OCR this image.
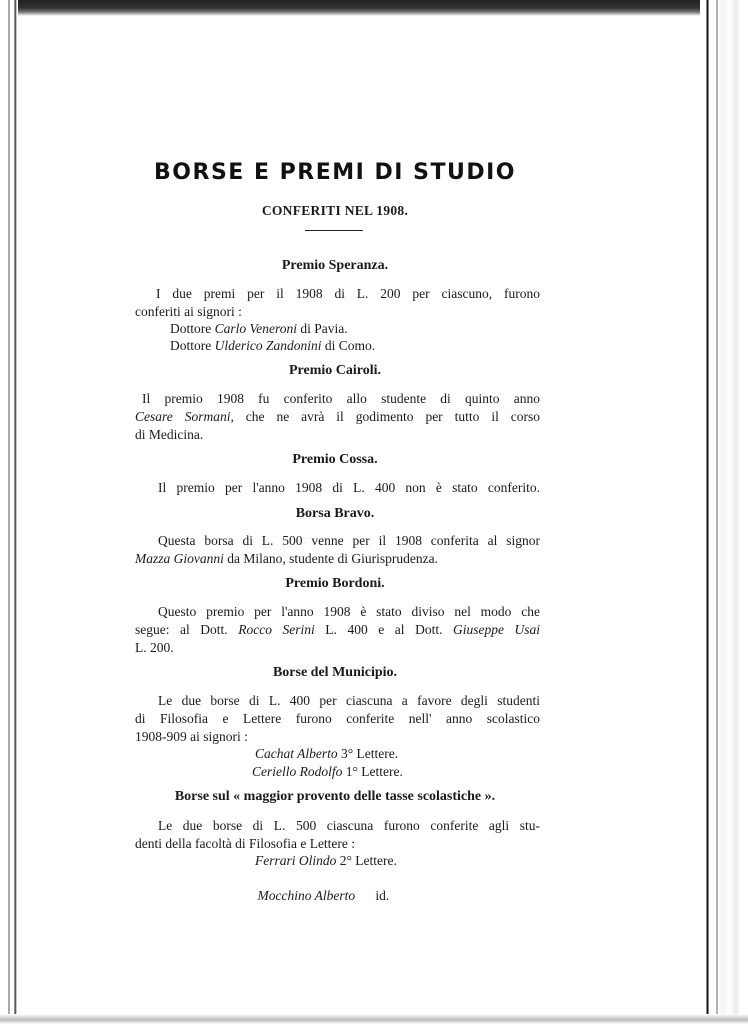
BORSE E PREMI DI STUDIO
CONFERITI NEL 1908.
Premio Speranza.
I due premi per il 1908 di L. 200 per ciascuno, furono
conferiti ai signori :
Dottore Carlo Veneroni di Pavia.
Dottore Ulderico Zandonini di Como.
Premio Cairoli.
Il premio 1908 fu conferito allo studente di quinto anno
Cesare Sormani, che ne avrà il godimento per tutto il corso
di Medicina.
Premio Cossa.
Il premio per l'anno 1908 di L. 400 non è stato conferito.
Borsa Bravo.
Questa borsa di L. 500 venne per il 1908 conferita al signor
Mazza Giovanni da Milano, studente di Giurisprudenza.
Premio Bordoni.
Questo premio per l'anno 1908 è stato diviso nel modo che
segue: al Dott. Rocco Serini L. 400 e al Dott. Giuseppe Usai
L. 200.
Borse del Municipio.
Le due borse di L. 400 per ciascuna a favore degli studenti
di Filosofia e Lettere furono conferite nell' anno scolastico
1908-909 ai signori :
Cachat Alberto 3° Lettere.
Ceriello Rodolfo 1° Lettere.
Borse sul « maggior provento delle tasse scolastiche ».
Le due borse di L. 500 ciascuna furono conferite agli stu-
denti della facoltà di Filosofia e Lettere :
Ferrari Olindo 2° Lettere.

Mocchino Alberto      id.
